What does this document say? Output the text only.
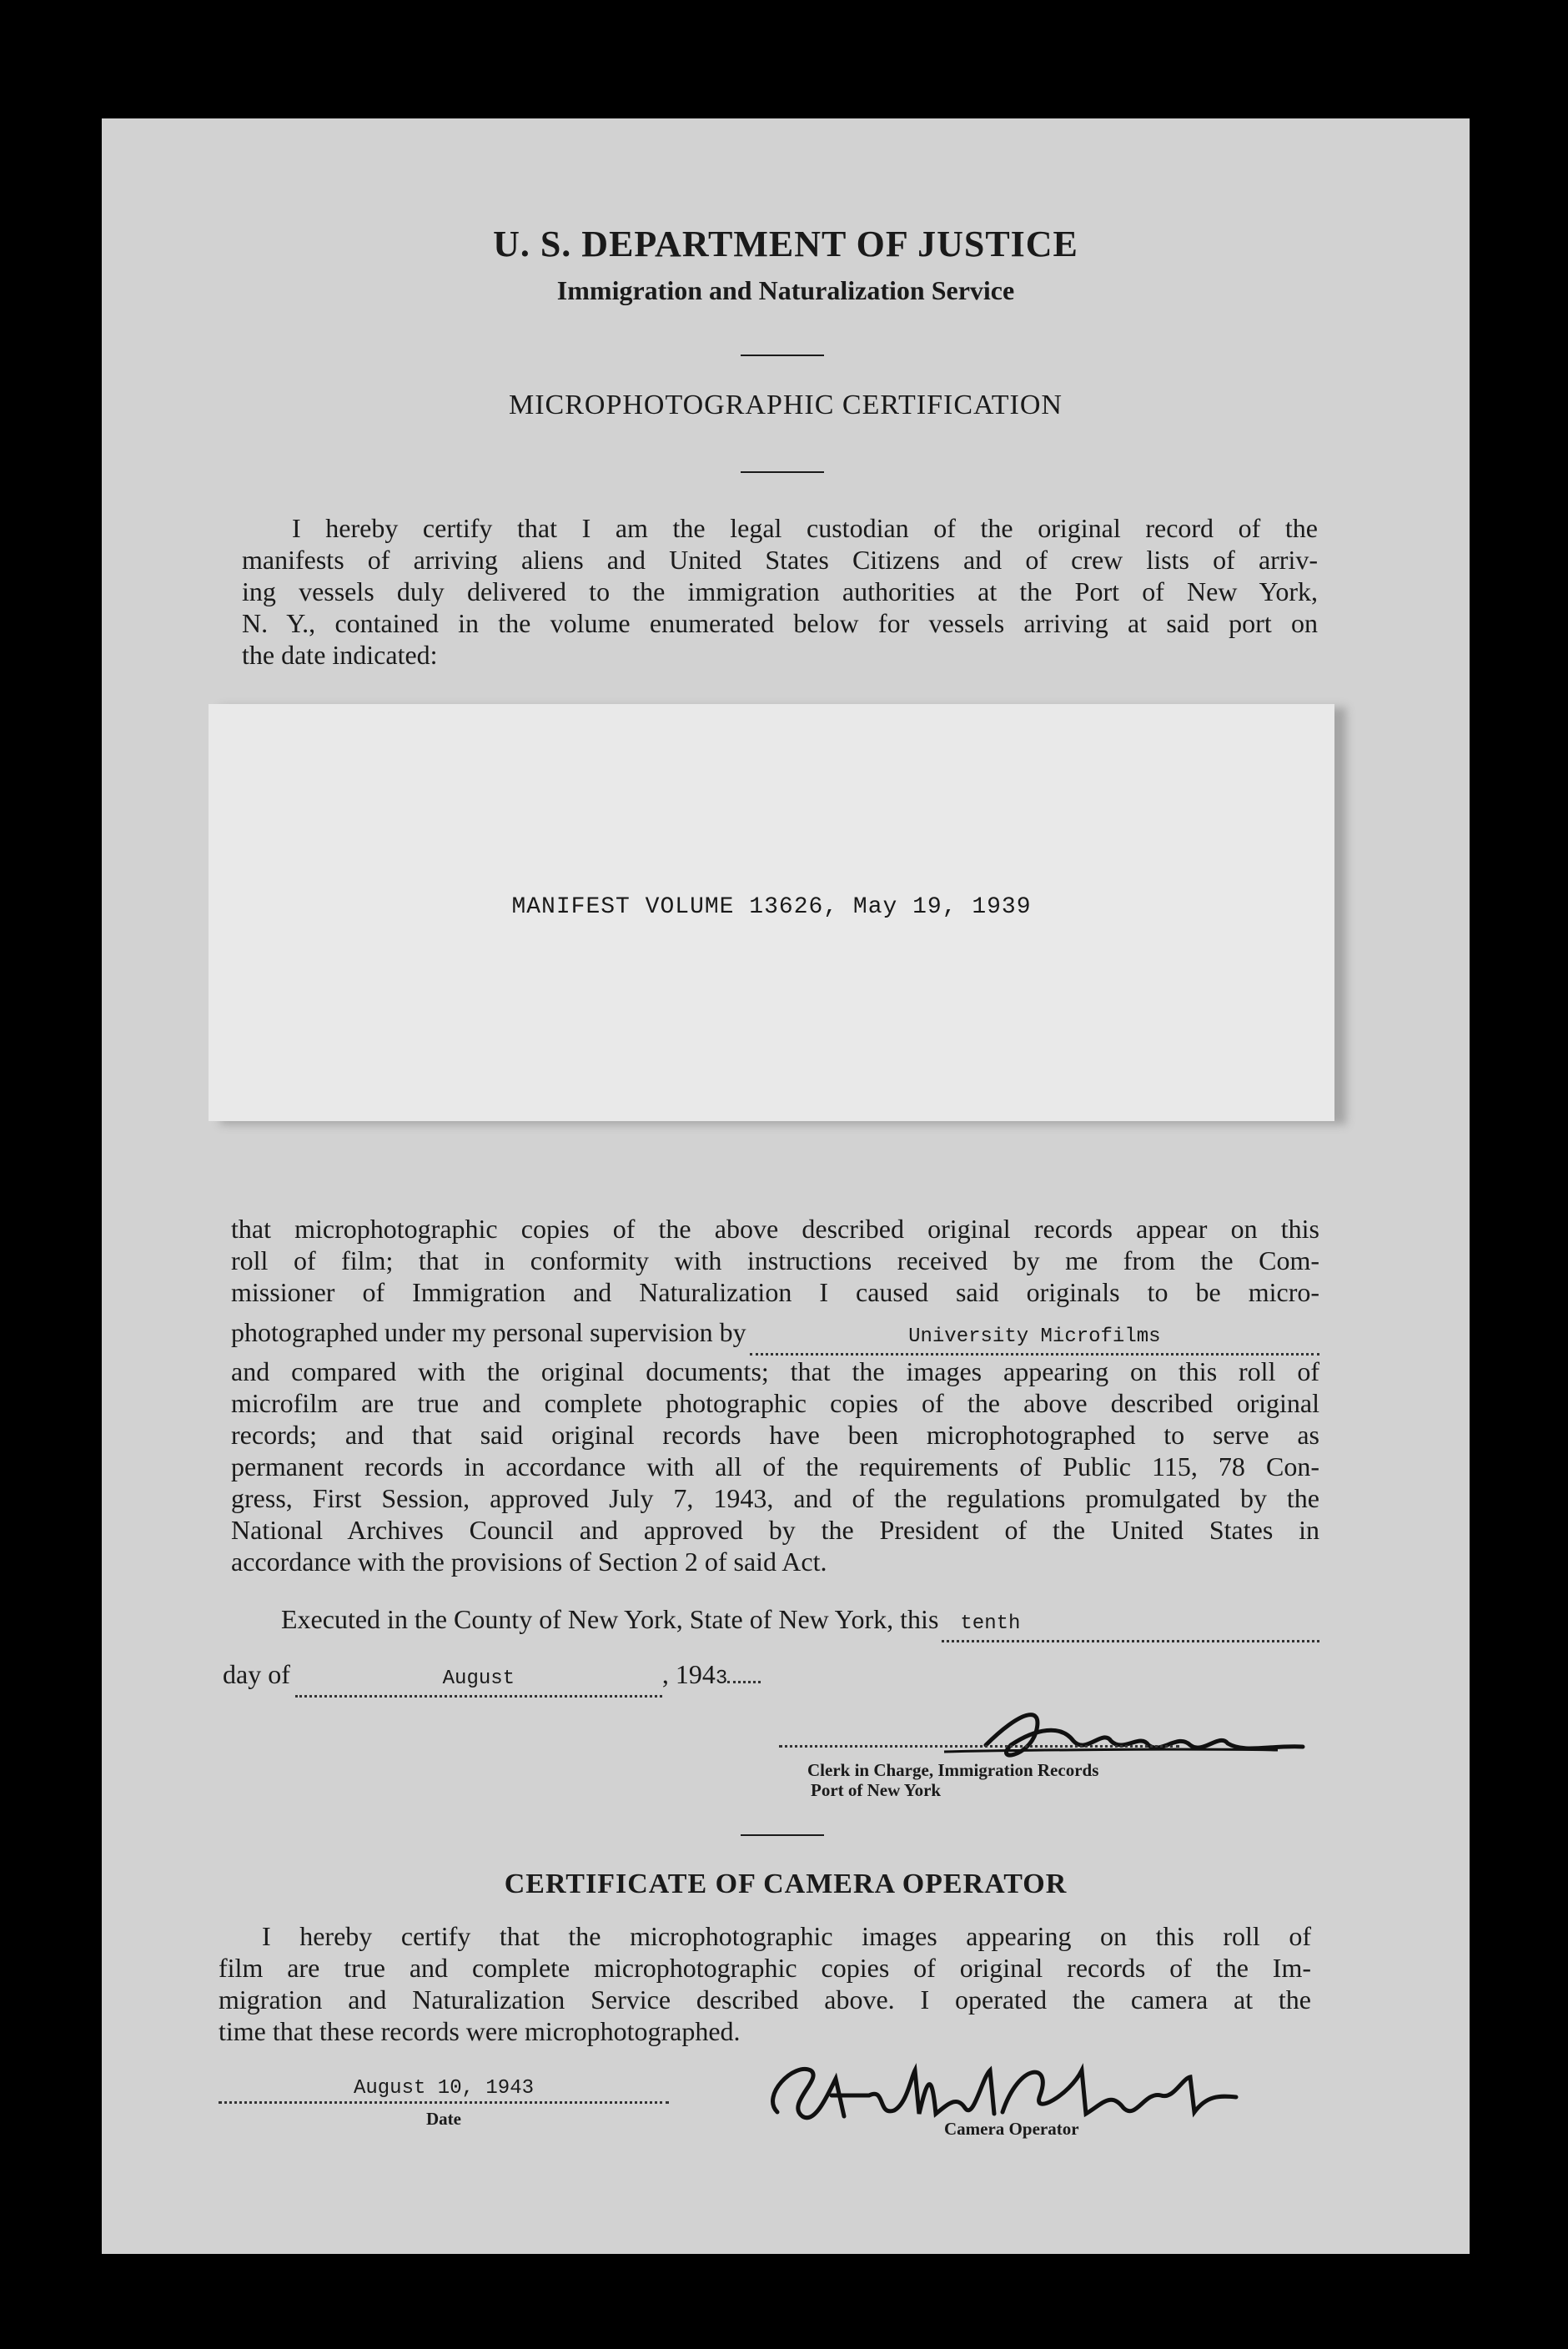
U. S. DEPARTMENT OF JUSTICE
Immigration and Naturalization Service
MICROPHOTOGRAPHIC CERTIFICATION
I hereby certify that I am the legal custodian of the original record of the
manifests of arriving aliens and United States Citizens and of crew lists of arriv-
ing vessels duly delivered to the immigration authorities at the Port of New York,
N. Y., contained in the volume enumerated below for vessels arriving at said port on
the date indicated:
MANIFEST VOLUME 13626, May 19, 1939
that microphotographic copies of the above described original records appear on this
roll of film; that in conformity with instructions received by me from the Com-
missioner of Immigration and Naturalization I caused said originals to be micro-
photographed under my personal supervision by	University Microfilms
and compared with the original documents; that the images appearing on this roll of
microfilm are true and complete photographic copies of the above described original
records; and that said original records have been microphotographed to serve as
permanent records in accordance with all of the requirements of Public 115, 78 Con-
gress, First Session, approved July 7, 1943, and of the regulations promulgated by the
National Archives Council and approved by the President of the United States in
accordance with the provisions of Section 2 of said Act.
Executed in the County of New York, State of New York, this	tenth
day of	August	, 194 3
Clerk in Charge, Immigration Records
Port of New York
CERTIFICATE OF CAMERA OPERATOR
I hereby certify that the microphotographic images appearing on this roll of
film are true and complete microphotographic copies of original records of the Im-
migration and Naturalization Service described above. I operated the camera at the
time that these records were microphotographed.
August 10, 1943
Date	Camera Operator
